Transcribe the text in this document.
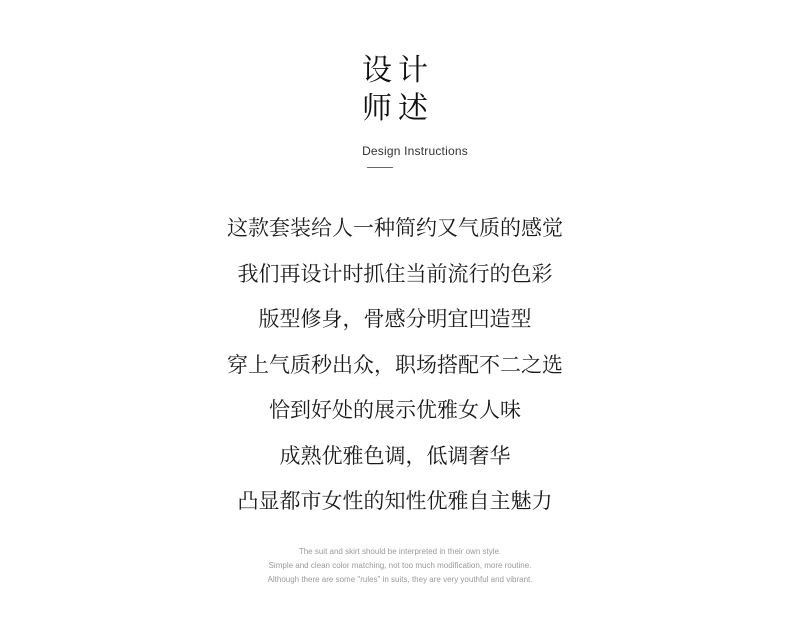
设计
师述
Design Instructions
这款套装给人一种简约又气质的感觉
我们再设计时抓住当前流行的色彩
版型修身，骨感分明宜凹造型
穿上气质秒出众，职场搭配不二之选
恰到好处的展示优雅女人味
成熟优雅色调，低调奢华
凸显都市女性的知性优雅自主魅力
The suit and skirt should be interpreted in their own style.
Simple and clean color matching, not too much modification, more routine.
Although there are some "rules" in suits, they are very youthful and vibrant.
